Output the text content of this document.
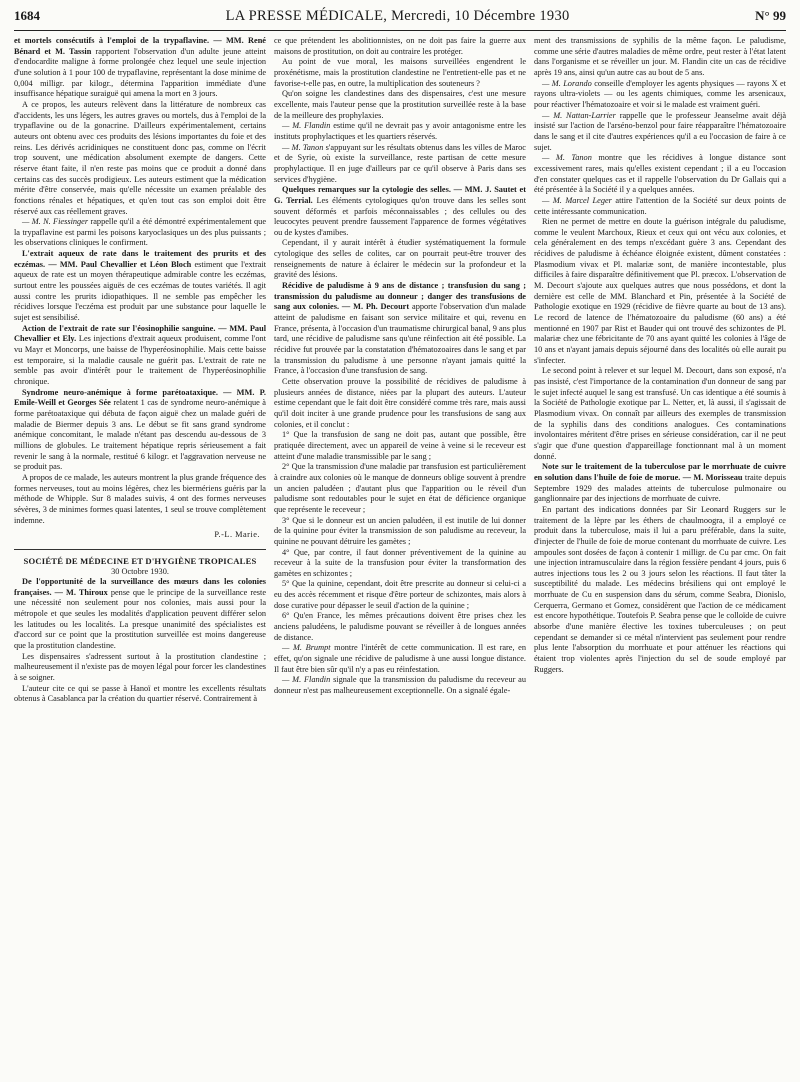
1684	LA PRESSE MÉDICALE, Mercredi, 10 Décembre 1930	N° 99

et mortels consécutifs à l'emploi de la trypaflavine. — MM. René Bénard et M. Tassin rapportent l'observation d'un adulte jeune atteint d'endocardite maligne à forme prolongée chez lequel une seule injection d'une solution à 1 pour 100 de trypaflavine, représentant la dose minime de 0,004 milligr. par kilogr., détermina l'apparition immédiate d'une insuffisance hépatique suraiguë qui amena la mort en 3 jours.

A ce propos, les auteurs relèvent dans la littérature de nombreux cas d'accidents, les uns légers, les autres graves ou mortels, dus à l'emploi de la trypaflavine ou de la gonacrine. D'ailleurs expérimentalement, certains auteurs ont obtenu avec ces produits des lésions importantes du foie et des reins. Les dérivés acridiniques ne constituent donc pas, comme on l'écrit trop souvent, une médication absolument exempte de dangers. Cette réserve étant faite, il n'en reste pas moins que ce produit a donné dans certains cas des succès prodigieux. Les auteurs estiment que la médication mérite d'être conservée, mais qu'elle nécessite un examen préalable des fonctions rénales et hépatiques, et qu'en tout cas son emploi doit être réservé aux cas réellement graves.

— M. N. Fiessinger rappelle qu'il a été démontré expérimentalement que la trypaflavine est parmi les poisons karyoclasiques un des plus puissants ; les observations cliniques le confirment.

L'extrait aqueux de rate dans le traitement des prurits et des eczémas. — MM. Paul Chevallier et Léon Bloch estiment que l'extrait aqueux de rate est un moyen thérapeutique admirable contre les eczémas, surtout entre les poussées aiguës de ces eczémas de toutes variétés. Il agit aussi contre les prurits idiopathiques. Il ne semble pas empêcher les récidives lorsque l'eczéma est produit par une substance pour laquelle le sujet est sensibilisé.

Action de l'extrait de rate sur l'éosinophilie sanguine. — MM. Paul Chevallier et Ely. Les injections d'extrait aqueux produisent, comme l'ont vu Mayr et Moncorps, une baisse de l'hyperéosinophilie. Mais cette baisse est temporaire, si la maladie causale ne guérit pas. L'extrait de rate ne semble pas avoir d'intérêt pour le traitement de l'hyperéosinophilie chronique.

Syndrome neuro-anémique à forme parétoataxique. — MM. P. Emile-Weill et Georges Sée relatent 1 cas de syndrome neuro-anémique à forme parétoataxique qui débuta de façon aiguë chez un malade guéri de maladie de Biermer depuis 3 ans. Le début se fit sans grand syndrome anémique concomitant, le malade n'étant pas descendu au-dessous de 3 millions de globules. Le traitement hépatique repris sérieusement a fait revenir le sang à la normale, restitué 6 kilogr. et l'aggravation nerveuse ne se produit pas.

A propos de ce malade, les auteurs montrent la plus grande fréquence des formes nerveuses, tout au moins légères, chez les biermériens guéris par la méthode de Whipple. Sur 8 malades suivis, 4 ont des formes nerveuses sévères, 3 de minimes formes quasi latentes, 1 seul se trouve complètement indemne.

P.-L. Marie.

SOCIÉTÉ DE MÉDECINE ET D'HYGIÈNE TROPICALES

30 Octobre 1930.

De l'opportunité de la surveillance des mœurs dans les colonies françaises. — M. Thiroux pense que le principe de la surveillance reste une nécessité non seulement pour nos colonies, mais aussi pour la métropole et que seules les modalités d'application peuvent différer selon les latitudes ou les localités. La presque unanimité des spécialistes est d'accord sur ce point que la prostitution surveillée est moins dangereuse que la prostitution clandestine.

Les dispensaires s'adressent surtout à la prostitution clandestine ; malheureusement il n'existe pas de moyen légal pour forcer les clandestines à se soigner.

L'auteur cite ce qui se passe à Hanoï et montre les excellents résultats obtenus à Casablanca par la création du quartier réservé. Contrairement à

ce que prétendent les abolitionnistes, on ne doit pas faire la guerre aux maisons de prostitution, on doit au contraire les protéger.

Au point de vue moral, les maisons surveillées engendrent le proxénétisme, mais la prostitution clandestine ne l'entretient-elle pas et ne favorise-t-elle pas, en outre, la multiplication des souteneurs ?

Qu'on soigne les clandestines dans des dispensaires, c'est une mesure excellente, mais l'auteur pense que la prostitution surveillée reste à la base de la meilleure des prophylaxies.

— M. Flandin estime qu'il ne devrait pas y avoir antagonisme entre les instituts prophylactiques et les quartiers réservés.

— M. Tanon s'appuyant sur les résultats obtenus dans les villes de Maroc et de Syrie, où existe la surveillance, reste partisan de cette mesure prophylactique. Il en juge d'ailleurs par ce qu'il observe à Paris dans ses services d'hygiène.

Quelques remarques sur la cytologie des selles. — MM. J. Sautet et G. Terrial. Les éléments cytologiques qu'on trouve dans les selles sont souvent déformés et parfois méconnaissables ; des cellules ou des leucocytes peuvent prendre faussement l'apparence de formes végétatives ou de kystes d'amibes.

Cependant, il y aurait intérêt à étudier systématiquement la formule cytologique des selles de colites, car on pourrait peut-être trouver des renseignements de nature à éclairer le médecin sur la profondeur et la gravité des lésions.

Récidive de paludisme à 9 ans de distance ; transfusion du sang ; transmission du paludisme au donneur ; danger des transfusions de sang aux colonies. — M. Ph. Decourt apporte l'observation d'un malade atteint de paludisme en faisant son service militaire et qui, revenu en France, présenta, à l'occasion d'un traumatisme chirurgical banal, 9 ans plus tard, une récidive de paludisme sans qu'une réinfection ait été possible. La récidive fut prouvée par la constatation d'hématozoaires dans le sang et par la transmission du paludisme à une personne n'ayant jamais quitté la France, à l'occasion d'une transfusion de sang.

Cette observation prouve la possibilité de récidives de paludisme à plusieurs années de distance, niées par la plupart des auteurs. L'auteur estime cependant que le fait doit être considéré comme très rare, mais aussi qu'il doit inciter à une grande prudence pour les transfusions de sang aux colonies, et il conclut :

1° Que la transfusion de sang ne doit pas, autant que possible, être pratiquée directement, avec un appareil de veine à veine si le receveur est atteint d'une maladie transmissible par le sang ;

2° Que la transmission d'une maladie par transfusion est particulièrement à craindre aux colonies où le manque de donneurs oblige souvent à prendre un ancien paludéen ; d'autant plus que l'apparition ou le réveil d'un paludisme sont redoutables pour le sujet en état de déficience organique que représente le receveur ;

3° Que si le donneur est un ancien paludéen, il est inutile de lui donner de la quinine pour éviter la transmission de son paludisme au receveur, la quinine ne pouvant détruire les gamètes ;

4° Que, par contre, il faut donner préventivement de la quinine au receveur à la suite de la transfusion pour éviter la transformation des gamètes en schizontes ;

5° Que la quinine, cependant, doit être prescrite au donneur si celui-ci a eu des accès récemment et risque d'être porteur de schizontes, mais alors à dose curative pour dépasser le seuil d'action de la quinine ;

6° Qu'en France, les mêmes précautions doivent être prises chez les anciens paludéens, le paludisme pouvant se réveiller à de longues années de distance.

— M. Brumpt montre l'intérêt de cette communication. Il est rare, en effet, qu'on signale une récidive de paludisme à une aussi longue distance. Il faut être bien sûr qu'il n'y a pas eu réinfestation.

— M. Flandin signale que la transmission du paludisme du receveur au donneur n'est pas malheureusement exceptionnelle. On a signalé égale-

ment des transmissions de syphilis de la même façon. Le paludisme, comme une série d'autres maladies de même ordre, peut rester à l'état latent dans l'organisme et se réveiller un jour. M. Flandin cite un cas de récidive après 19 ans, ainsi qu'un autre cas au bout de 5 ans.

— M. Lorando conseille d'employer les agents physiques — rayons X et rayons ultra-violets — ou les agents chimiques, comme les arsenicaux, pour réactiver l'hématozoaire et voir si le malade est vraiment guéri.

— M. Nattan-Larrier rappelle que le professeur Jeanselme avait déjà insisté sur l'action de l'arséno-benzol pour faire réapparaître l'hématozoaire dans le sang et il cite d'autres expériences qu'il a eu l'occasion de faire à ce sujet.

— M. Tanon montre que les récidives à longue distance sont excessivement rares, mais qu'elles existent cependant ; il a eu l'occasion d'en constater quelques cas et il rappelle l'observation du Dr Gallais qui a été présentée à la Société il y a quelques années.

— M. Marcel Leger attire l'attention de la Société sur deux points de cette intéressante communication.

Rien ne permet de mettre en doute la guérison intégrale du paludisme, comme le veulent Marchoux, Rieux et ceux qui ont vécu aux colonies, et cela généralement en des temps n'excédant guère 3 ans. Cependant des récidives de paludisme à échéance éloignée existent, dûment constatées : Plasmodium vivax et Pl. malariæ sont, de manière incontestable, plus difficiles à faire disparaître définitivement que Pl. præcox. L'observation de M. Decourt s'ajoute aux quelques autres que nous possédons, et dont la dernière est celle de MM. Blanchard et Pin, présentée à la Société de Pathologie exotique en 1929 (récidive de fièvre quarte au bout de 13 ans). Le record de latence de l'hématozoaire du paludisme (60 ans) a été mentionné en 1907 par Rist et Bauder qui ont trouvé des schizontes de Pl. malariæ chez une fébricitante de 70 ans ayant quitté les colonies à l'âge de 10 ans et n'ayant jamais depuis séjourné dans des localités où elle aurait pu s'infecter.

Le second point à relever et sur lequel M. Decourt, dans son exposé, n'a pas insisté, c'est l'importance de la contamination d'un donneur de sang par le sujet infecté auquel le sang est transfusé. Un cas identique a été soumis à la Société de Pathologie exotique par L. Netter, et, là aussi, il s'agissait de Plasmodium vivax. On connaît par ailleurs des exemples de transmission de la syphilis dans des conditions analogues. Ces contaminations involontaires méritent d'être prises en sérieuse considération, car il ne peut s'agir que d'une question d'appareillage fonctionnant mal à un moment donné.

Note sur le traitement de la tuberculose par le morrhuate de cuivre en solution dans l'huile de foie de morue. — M. Morisseau traite depuis Septembre 1929 des malades atteints de tuberculose pulmonaire ou ganglionnaire par des injections de morrhuate de cuivre.

En partant des indications données par Sir Leonard Ruggers sur le traitement de la lèpre par les éthers de chaulmoogra, il a employé ce produit dans la tuberculose, mais il lui a paru préférable, dans la suite, d'injecter de l'huile de foie de morue contenant du morrhuate de cuivre. Les ampoules sont dosées de façon à contenir 1 milligr. de Cu par cmc. On fait une injection intramusculaire dans la région fessière pendant 4 jours, puis 6 autres injections tous les 2 ou 3 jours selon les réactions. Il faut tâter la susceptibilité du malade. Les médecins brésiliens qui ont employé le morrhuate de Cu en suspension dans du sérum, comme Seabra, Dionislo, Cerquerra, Germano et Gomez, considèrent que l'action de ce médicament est encore hypothétique. Toutefois P. Seabra pense que le colloïde de cuivre absorbe d'une manière élective les toxines tuberculeuses ; on peut cependant se demander si ce métal n'intervient pas seulement pour rendre plus lente l'absorption du morrhuate et pour atténuer les réactions qui étaient trop violentes après l'injection du sel de soude employé par Ruggers.
